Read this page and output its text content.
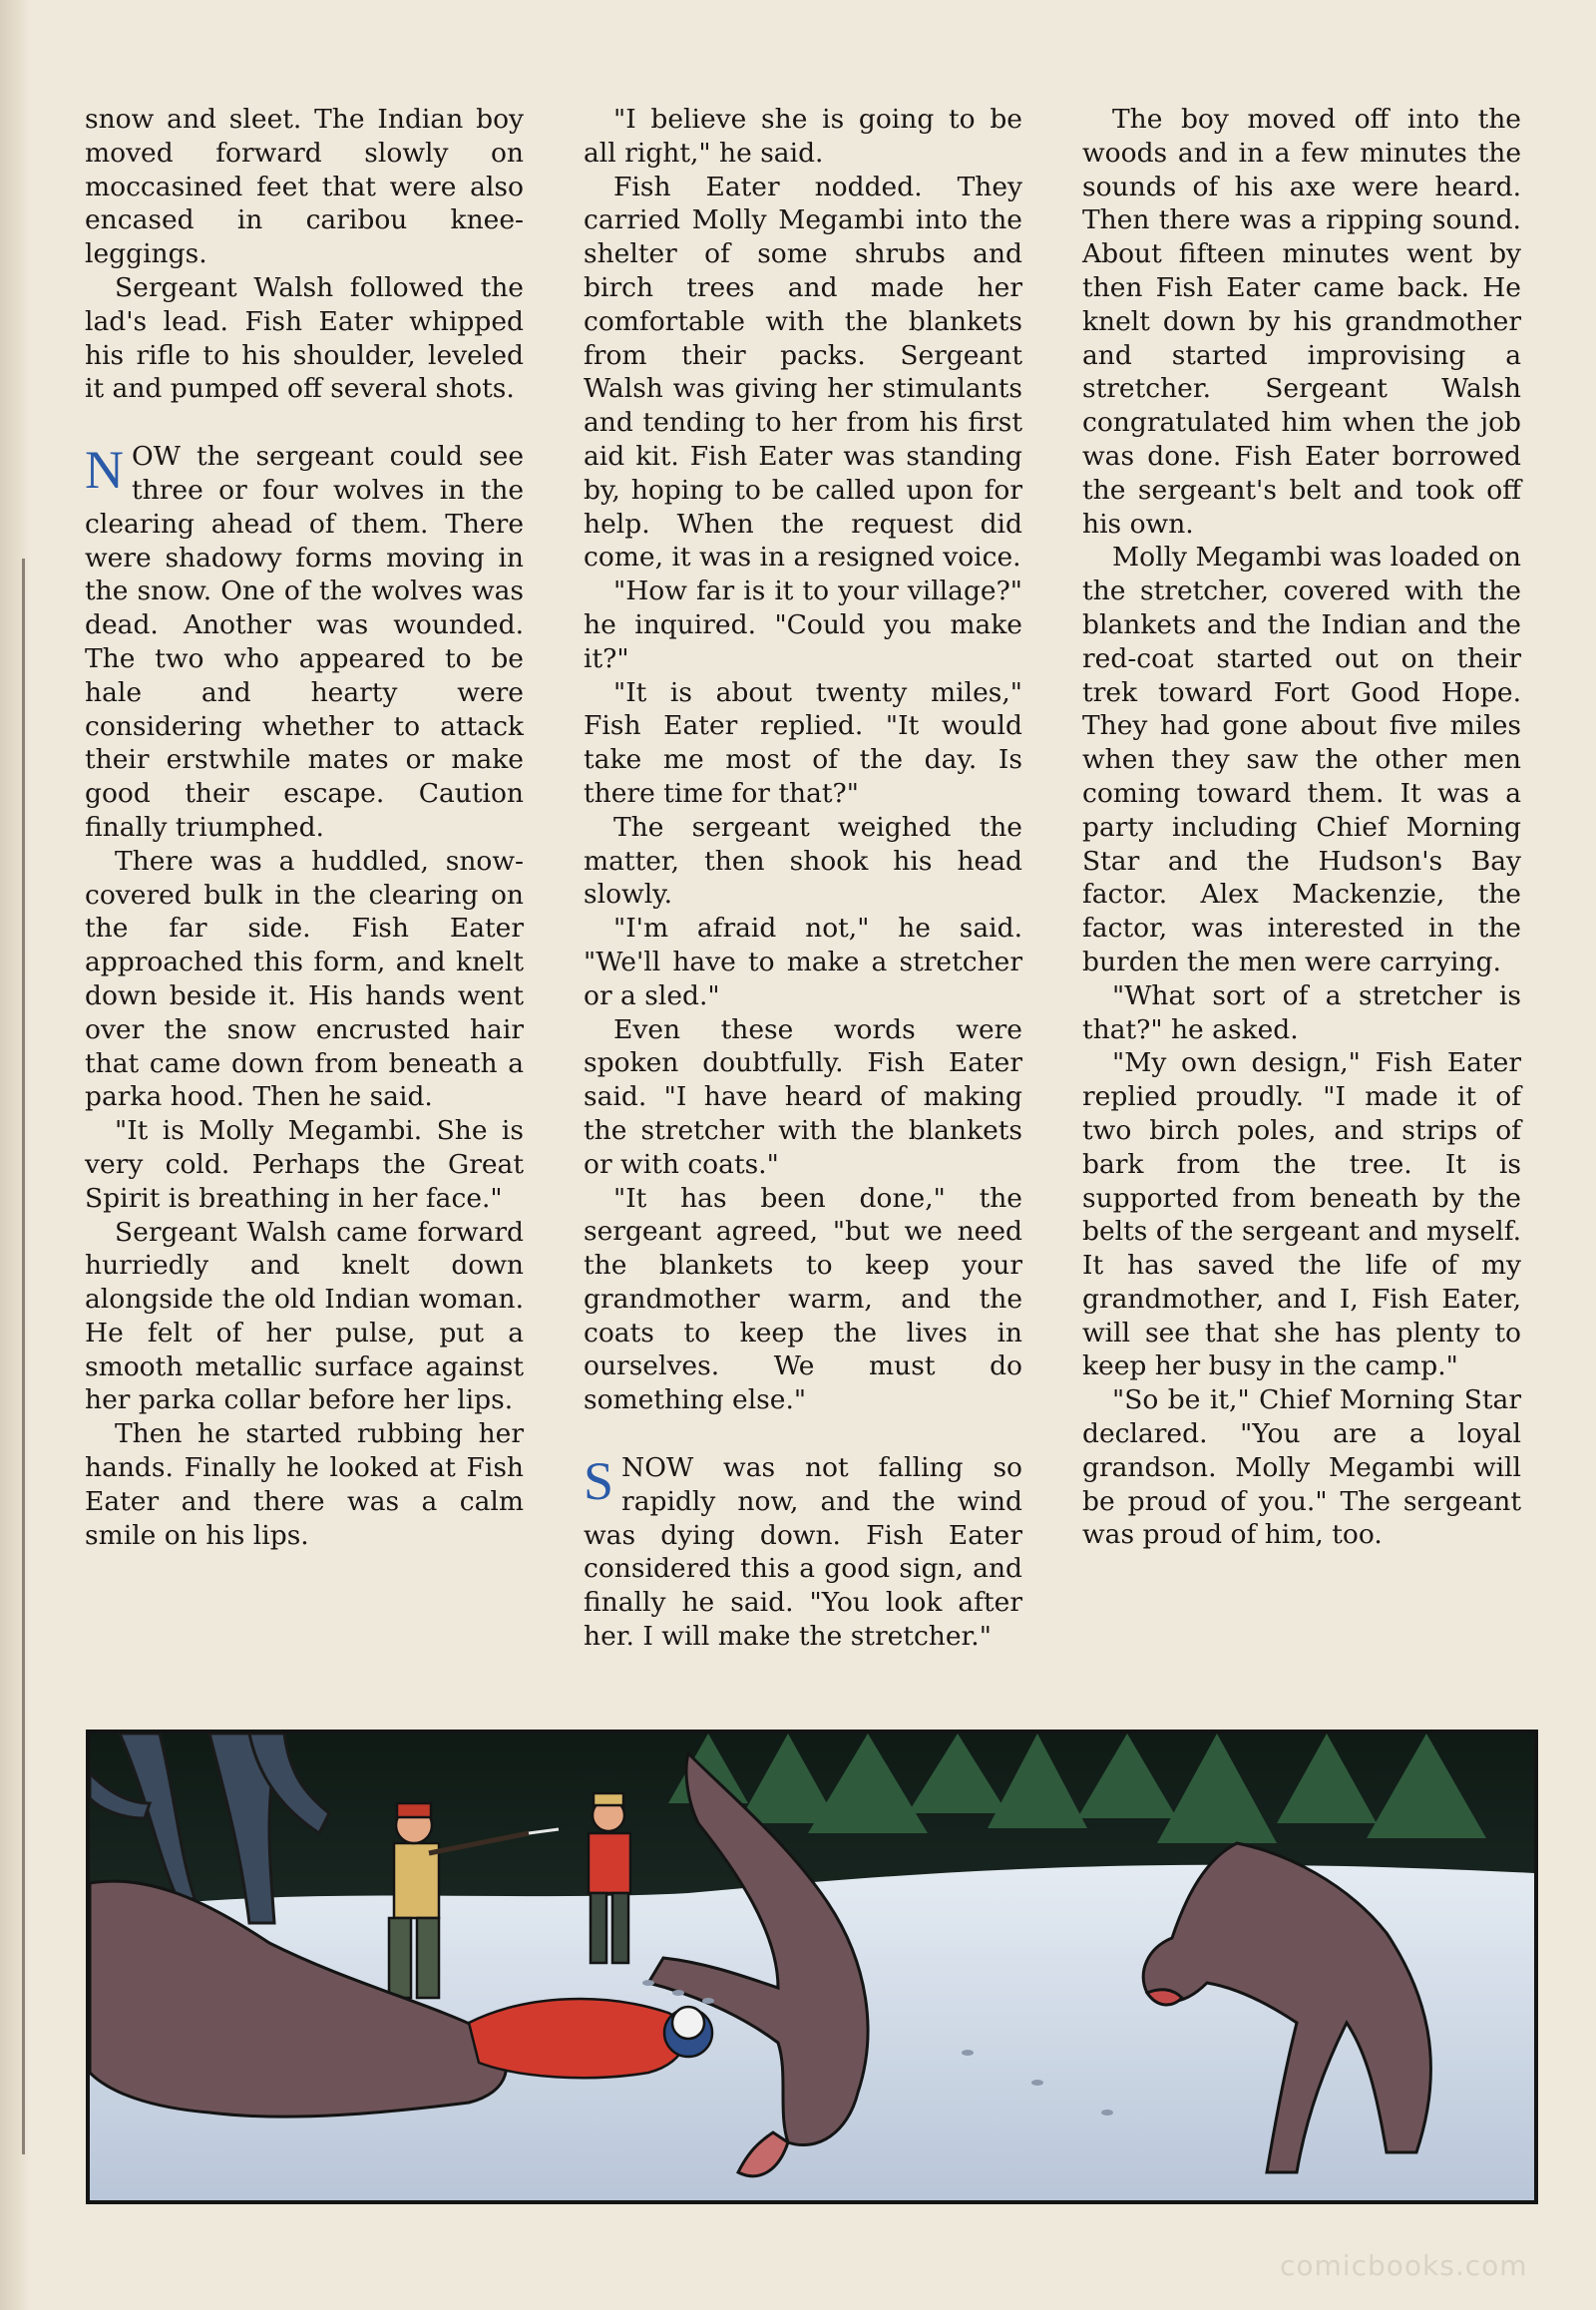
snow and sleet. The Indian boy moved forward slowly on moccasined feet that were also encased in caribou knee-leggings.

Sergeant Walsh followed the lad's lead. Fish Eater whipped his rifle to his shoulder, leveled it and pumped off several shots.

NOW the sergeant could see three or four wolves in the clearing ahead of them. There were shadowy forms moving in the snow. One of the wolves was dead. Another was wounded. The two who appeared to be hale and hearty were considering whether to attack their erstwhile mates or make good their escape. Caution finally triumphed.

There was a huddled, snow-covered bulk in the clearing on the far side. Fish Eater approached this form, and knelt down beside it. His hands went over the snow encrusted hair that came down from beneath a parka hood. Then he said.

"It is Molly Megambi. She is very cold. Perhaps the Great Spirit is breathing in her face."

Sergeant Walsh came forward hurriedly and knelt down alongside the old Indian woman. He felt of her pulse, put a smooth metallic surface against her parka collar before her lips.

Then he started rubbing her hands. Finally he looked at Fish Eater and there was a calm smile on his lips.

"I believe she is going to be all right," he said.

Fish Eater nodded. They carried Molly Megambi into the shelter of some shrubs and birch trees and made her comfortable with the blankets from their packs. Sergeant Walsh was giving her stimulants and tending to her from his first aid kit. Fish Eater was standing by, hoping to be called upon for help. When the request did come, it was in a resigned voice.

"How far is it to your village?" he inquired. "Could you make it?"

"It is about twenty miles," Fish Eater replied. "It would take me most of the day. Is there time for that?"

The sergeant weighed the matter, then shook his head slowly.

"I'm afraid not," he said. "We'll have to make a stretcher or a sled."

Even these words were spoken doubtfully. Fish Eater said. "I have heard of making the stretcher with the blankets or with coats."

"It has been done," the sergeant agreed, "but we need the blankets to keep your grandmother warm, and the coats to keep the lives in ourselves. We must do something else."

SNOW was not falling so rapidly now, and the wind was dying down. Fish Eater considered this a good sign, and finally he said. "You look after her. I will make the stretcher."

The boy moved off into the woods and in a few minutes the sounds of his axe were heard. Then there was a ripping sound. About fifteen minutes went by then Fish Eater came back. He knelt down by his grandmother and started improvising a stretcher. Sergeant Walsh congratulated him when the job was done. Fish Eater borrowed the sergeant's belt and took off his own.

Molly Megambi was loaded on the stretcher, covered with the blankets and the Indian and the red-coat started out on their trek toward Fort Good Hope. They had gone about five miles when they saw the other men coming toward them. It was a party including Chief Morning Star and the Hudson's Bay factor. Alex Mackenzie, the factor, was interested in the burden the men were carrying.

"What sort of a stretcher is that?" he asked.

"My own design," Fish Eater replied proudly. "I made it of two birch poles, and strips of bark from the tree. It is supported from beneath by the belts of the sergeant and myself. It has saved the life of my grandmother, and I, Fish Eater, will see that she has plenty to keep her busy in the camp."

"So be it," Chief Morning Star declared. "You are a loyal grandson. Molly Megambi will be proud of you." The sergeant was proud of him, too.

comicbooks.com
